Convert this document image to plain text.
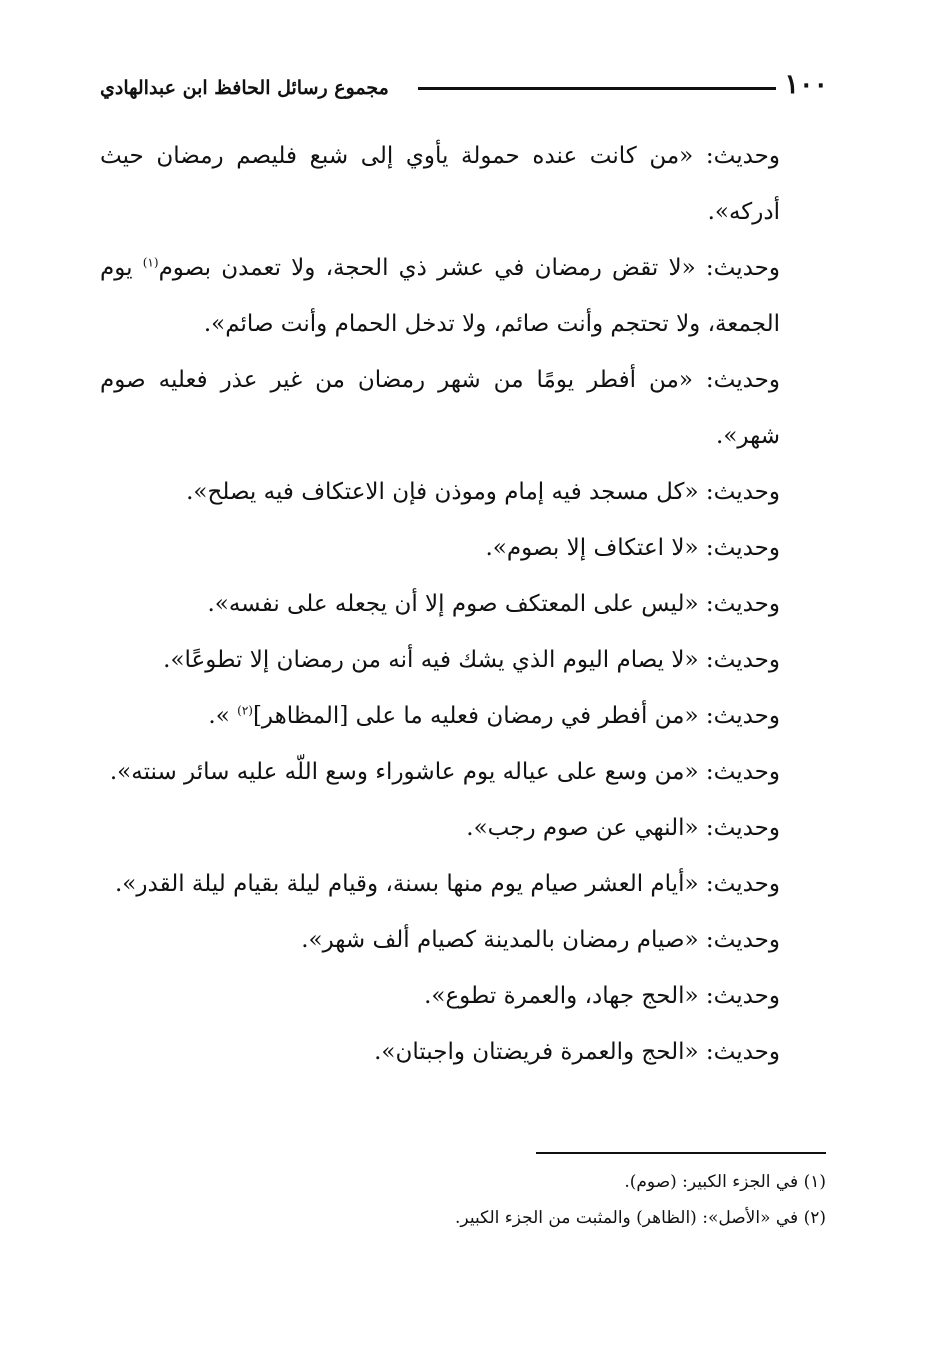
١٠٠
مجموع رسائل الحافظ ابن عبدالهادي

وحديث: «من كانت عنده حمولة يأوي إلى شبع فليصم رمضان حيث أدركه».

وحديث: «لا تقض رمضان في عشر ذي الحجة، ولا تعمدن بصوم$^{(١)}$ يوم الجمعة، ولا تحتجم وأنت صائم، ولا تدخل الحمام وأنت صائم».

وحديث: «من أفطر يومًا من شهر رمضان من غير عذر فعليه صوم شهر».

وحديث: «كل مسجد فيه إمام وموذن فإن الاعتكاف فيه يصلح».

وحديث: «لا اعتكاف إلا بصوم».

وحديث: «ليس على المعتكف صوم إلا أن يجعله على نفسه».

وحديث: «لا يصام اليوم الذي يشك فيه أنه من رمضان إلا تطوعًا».

وحديث: «من أفطر في رمضان فعليه ما على [المظاهر]$^{(٢)}$ ».

وحديث: «من وسع على عياله يوم عاشوراء وسع اللّه عليه سائر سنته».

وحديث: «النهي عن صوم رجب».

وحديث: «أيام العشر صيام يوم منها بسنة، وقيام ليلة بقيام ليلة القدر».

وحديث: «صيام رمضان بالمدينة كصيام ألف شهر».

وحديث: «الحج جهاد، والعمرة تطوع».

وحديث: «الحج والعمرة فريضتان واجبتان».

(١) في الجزء الكبير: (صوم).

(٢) في «الأصل»: (الظاهر) والمثبت من الجزء الكبير.
